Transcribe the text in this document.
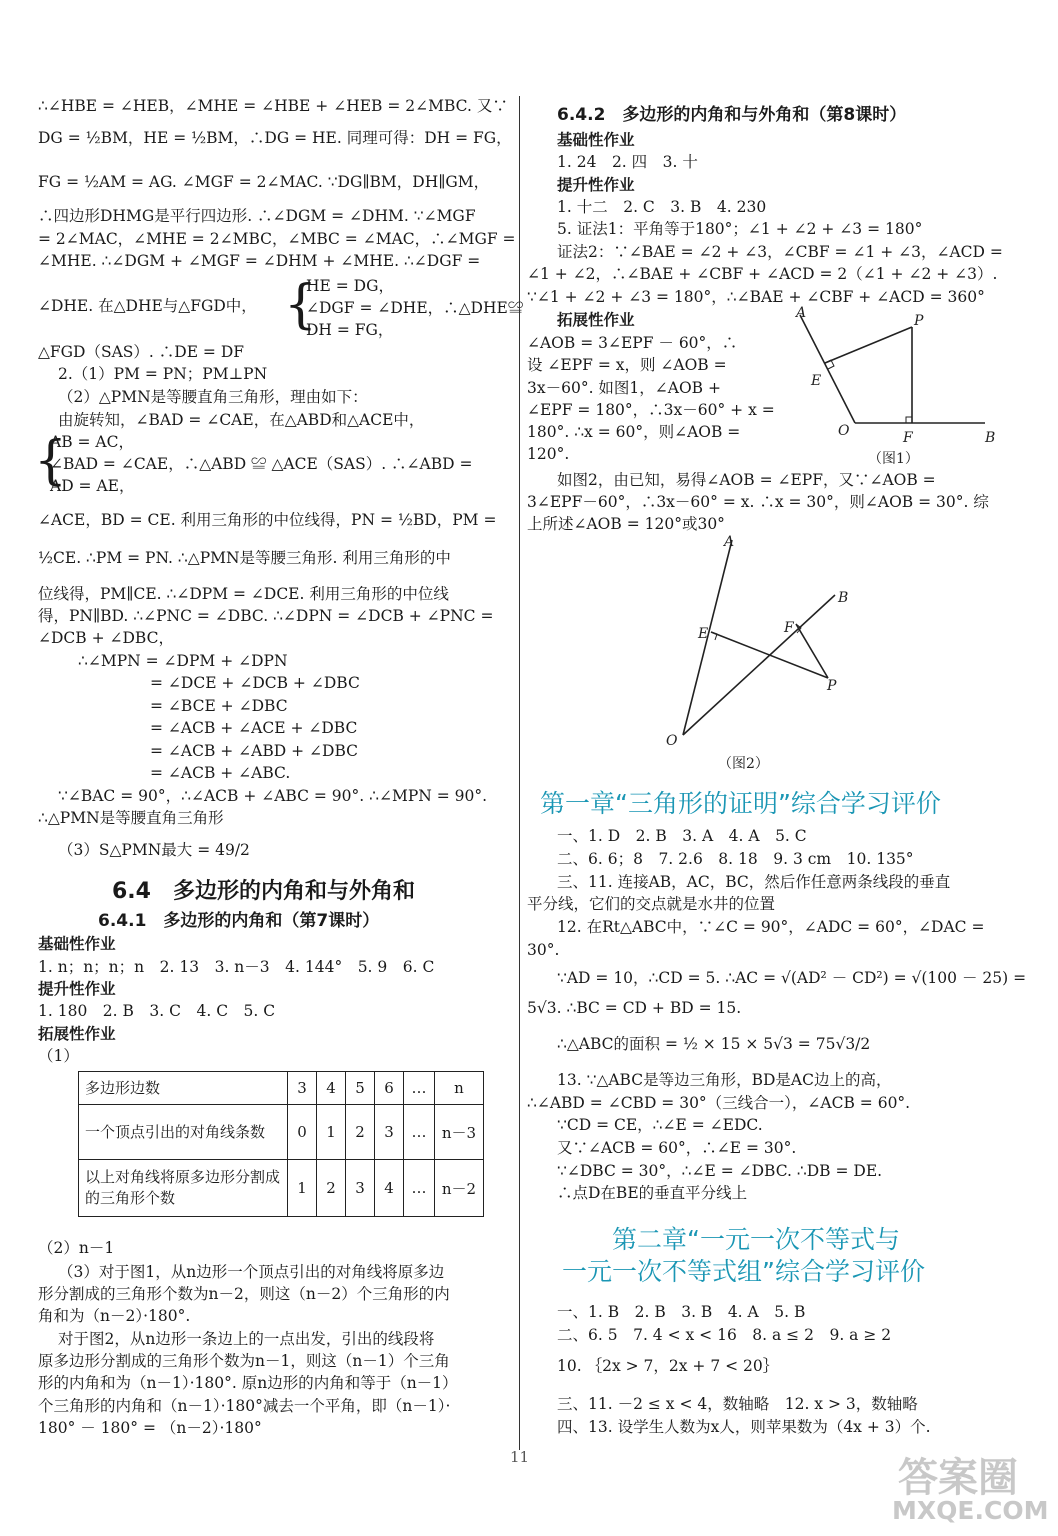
∴∠HBE = ∠HEB，∠MHE = ∠HBE + ∠HEB = 2∠MBC. 又∵
DG = ½BM，HE = ½BM，∴DG = HE. 同理可得：DH = FG，
FG = ½AM = AG. ∠MGF = 2∠MAC. ∵DG∥BM，DH∥GM，
∴四边形DHMG是平行四边形. ∴∠DGM = ∠DHM. ∵∠MGF
= 2∠MAC，∠MHE = 2∠MBC，∠MBC = ∠MAC，∴∠MGF =
∠MHE. ∴∠DGM + ∠MGF = ∠DHM + ∠MHE. ∴∠DGF =
∠DHE. 在△DHE与△FGD中， {
HE = DG，
∠DGF = ∠DHE，∴△DHE≌
DH = FG，
△FGD（SAS）. ∴DE = DF
2.（1）PM = PN；PM⊥PN
（2）△PMN是等腰直角三角形，理由如下：
由旋转知，∠BAD = ∠CAE，在△ABD和△ACE中，
{
AB = AC，
∠BAD = ∠CAE，∴△ABD ≌ △ACE（SAS）. ∴∠ABD =
AD = AE，
∠ACE，BD = CE. 利用三角形的中位线得，PN = ½BD，PM =
½CE. ∴PM = PN. ∴△PMN是等腰三角形. 利用三角形的中
位线得，PM∥CE. ∴∠DPM = ∠DCE. 利用三角形的中位线
得，PN∥BD. ∴∠PNC = ∠DBC. ∴∠DPN = ∠DCB + ∠PNC =
∠DCB + ∠DBC，
∴∠MPN = ∠DPM + ∠DPN
= ∠DCE + ∠DCB + ∠DBC
= ∠BCE + ∠DBC
= ∠ACB + ∠ACE + ∠DBC
= ∠ACB + ∠ABD + ∠DBC
= ∠ACB + ∠ABC.
∵∠BAC = 90°，∴∠ACB + ∠ABC = 90°. ∴∠MPN = 90°.
∴△PMN是等腰直角三角形
（3）S△PMN最大 = 49/2
6.4　多边形的内角和与外角和
6.4.1　多边形的内角和（第7课时）
基础性作业
1. n；n；n；n　2. 13　3. n－3　4. 144°　5. 9　6. C
提升性作业
1. 180　2. B　3. C　4. C　5. C
拓展性作业
（1）
多边形边数	3	4	5	6	…	n
一个顶点引出的对角线条数	0	1	2	3	…	n－3
以上对角线将原多边形分割成的三角形个数	1	2	3	4	…	n－2
（2）n－1
（3）对于图1，从n边形一个顶点引出的对角线将原多边
形分割成的三角形个数为n－2，则这（n－2）个三角形的内
角和为（n－2）·180°.
对于图2，从n边形一条边上的一点出发，引出的线段将
原多边形分割成的三角形个数为n－1，则这（n－1）个三角
形的内角和为（n－1）·180°. 原n边形的内角和等于（n－1）
个三角形的内角和（n－1）·180°减去一个平角，即（n－1）·
180° － 180° = （n－2）·180°
6.4.2　多边形的内角和与外角和（第8课时）
基础性作业
1. 24　2. 四　3. 十
提升性作业
1. 十二　2. C　3. B　4. 230
5. 证法1：平角等于180°；∠1 + ∠2 + ∠3 = 180°
证法2：∵∠BAE = ∠2 + ∠3，∠CBF = ∠1 + ∠3，∠ACD =
∠1 + ∠2，∴∠BAE + ∠CBF + ∠ACD = 2（∠1 + ∠2 + ∠3）.
∵∠1 + ∠2 + ∠3 = 180°，∴∠BAE + ∠CBF + ∠ACD = 360°
拓展性作业
∠AOB = 3∠EPF － 60°，∴
设 ∠EPF = x，则 ∠AOB =
3x－60°. 如图1，∠AOB +
∠EPF = 180°，∴3x－60° + x =
180°. ∴x = 60°，则∠AOB =
120°.
A	P
E
O	F	B
（图1）
如图2，由已知，易得∠AOB = ∠EPF，又∵∠AOB =
3∠EPF－60°，∴3x－60° = x. ∴x = 30°，则∠AOB = 30°. 综
上所述∠AOB = 120°或30°
A
B
E	F
P
O
（图2）
第一章“三角形的证明”综合学习评价
一、1. D　2. B　3. A　4. A　5. C
二、6. 6；8　7. 2.6　8. 18　9. 3 cm　10. 135°
三、11. 连接AB，AC，BC，然后作任意两条线段的垂直
平分线，它们的交点就是水井的位置
12. 在Rt△ABC中，∵∠C = 90°，∠ADC = 60°，∠DAC =
30°.
∵AD = 10，∴CD = 5. ∴AC = √(AD² － CD²) = √(100 － 25) =
5√3. ∴BC = CD + BD = 15.
∴△ABC的面积 = ½ × 15 × 5√3 = 75√3/2
13. ∵△ABC是等边三角形，BD是AC边上的高，
∴∠ABD = ∠CBD = 30°（三线合一），∠ACB = 60°.
∵CD = CE，∴∠E = ∠EDC.
又∵∠ACB = 60°，∴∠E = 30°.
∵∠DBC = 30°，∴∠E = ∠DBC. ∴DB = DE.
∴点D在BE的垂直平分线上
第二章“一元一次不等式与
一元一次不等式组”综合学习评价
一、1. B　2. B　3. B　4. A　5. B
二、6. 5　7. 4 < x < 16　8. a ≤ 2　9. a ≥ 2
10. ｛2x > 7，2x + 7 < 20｝
三、11. －2 ≤ x < 4，数轴略　12. x > 3，数轴略
四、13. 设学生人数为x人，则苹果数为（4x + 3）个.
11	答案圈
MXQE.COM
